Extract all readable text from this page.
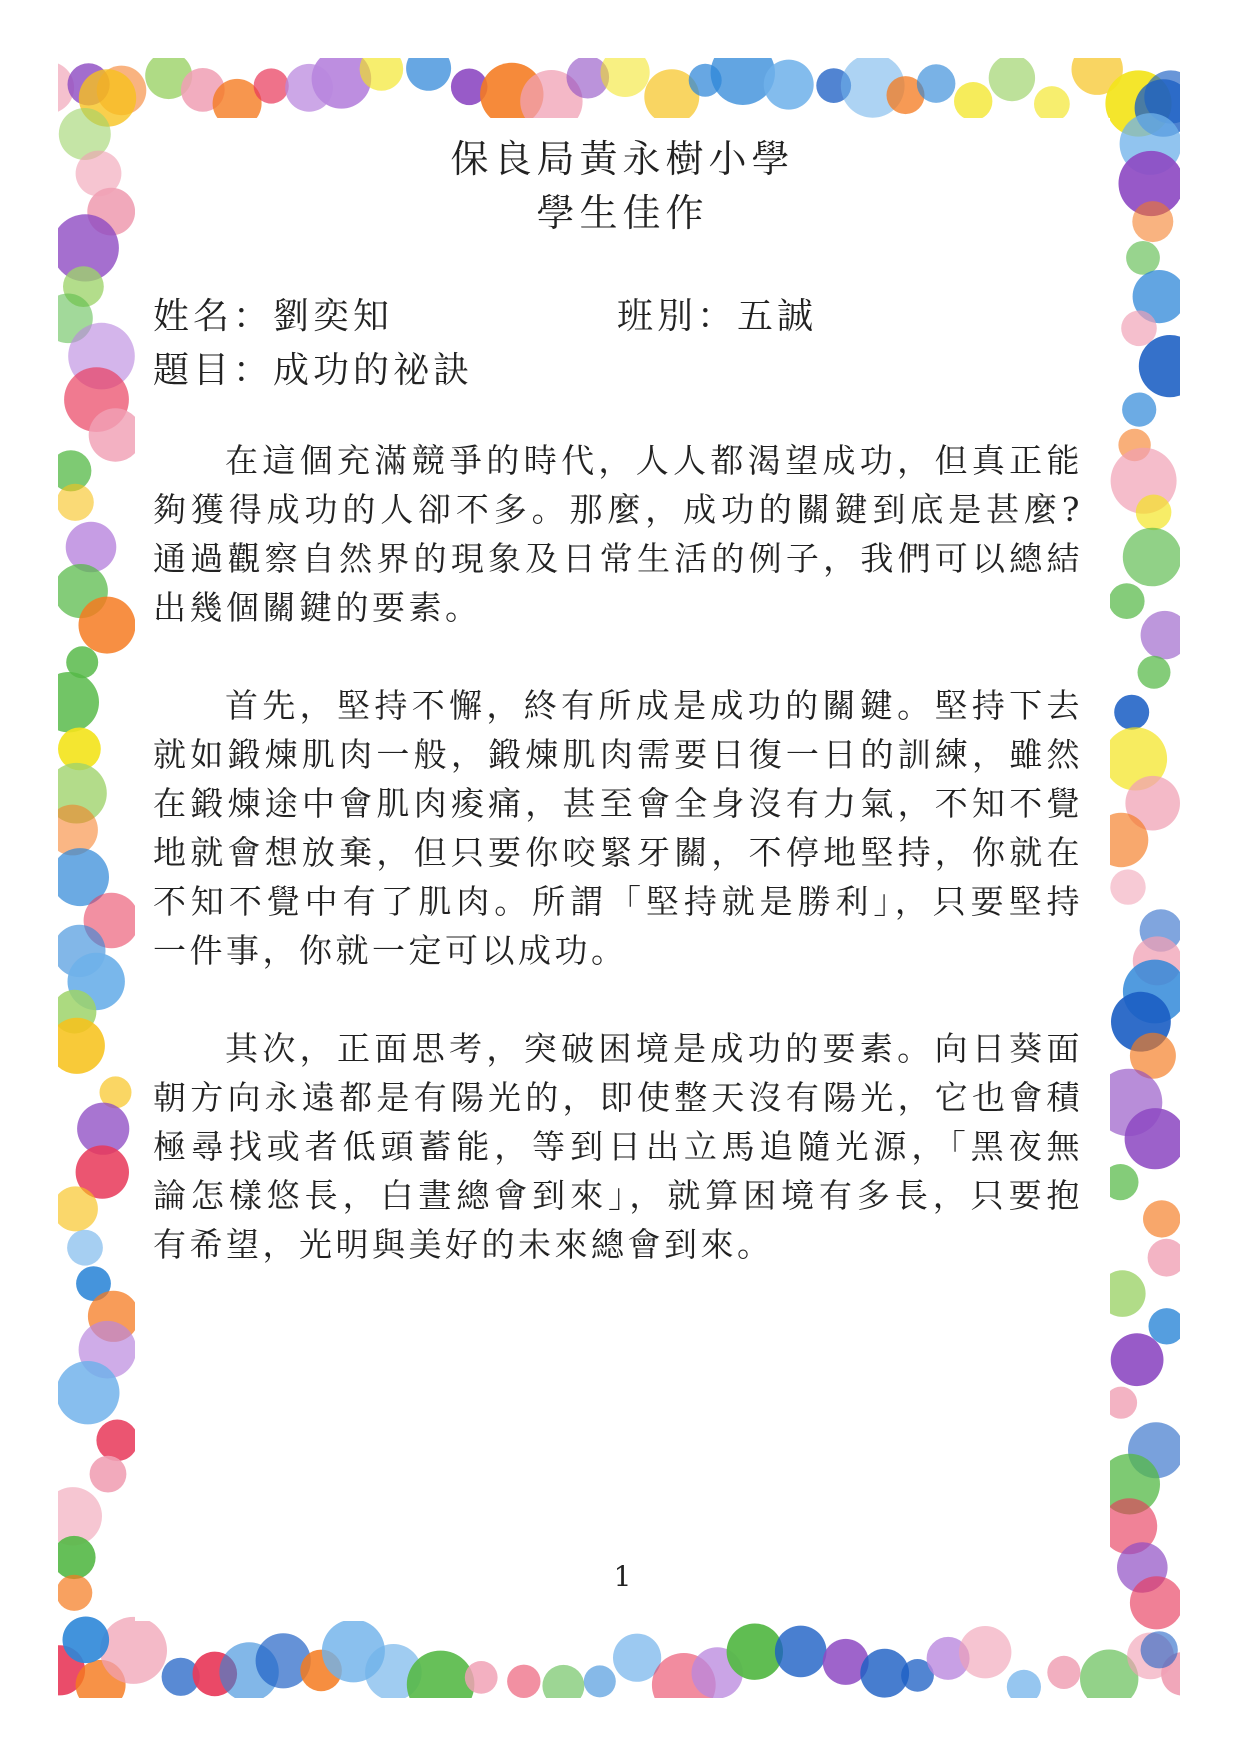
保良局黃永樹小學
學生佳作
姓名：劉奕知	班別：五誠
題目：成功的祕訣

在這個充滿競爭的時代，人人都渴望成功，但真正能夠獲得成功的人卻不多。那麼，成功的關鍵到底是甚麼?通過觀察自然界的現象及日常生活的例子，我們可以總結出幾個關鍵的要素。

首先，堅持不懈，終有所成是成功的關鍵。堅持下去就如鍛煉肌肉一般，鍛煉肌肉需要日復一日的訓練，雖然在鍛煉途中會肌肉痠痛，甚至會全身沒有力氣，不知不覺地就會想放棄，但只要你咬緊牙關，不停地堅持，你就在不知不覺中有了肌肉。所謂「堅持就是勝利」，只要堅持一件事，你就一定可以成功。

其次，正面思考，突破困境是成功的要素。向日葵面朝方向永遠都是有陽光的，即使整天沒有陽光，它也會積極尋找或者低頭蓄能，等到日出立馬追隨光源，「黑夜無論怎樣悠長，白晝總會到來」，就算困境有多長，只要抱有希望，光明與美好的未來總會到來。

1
